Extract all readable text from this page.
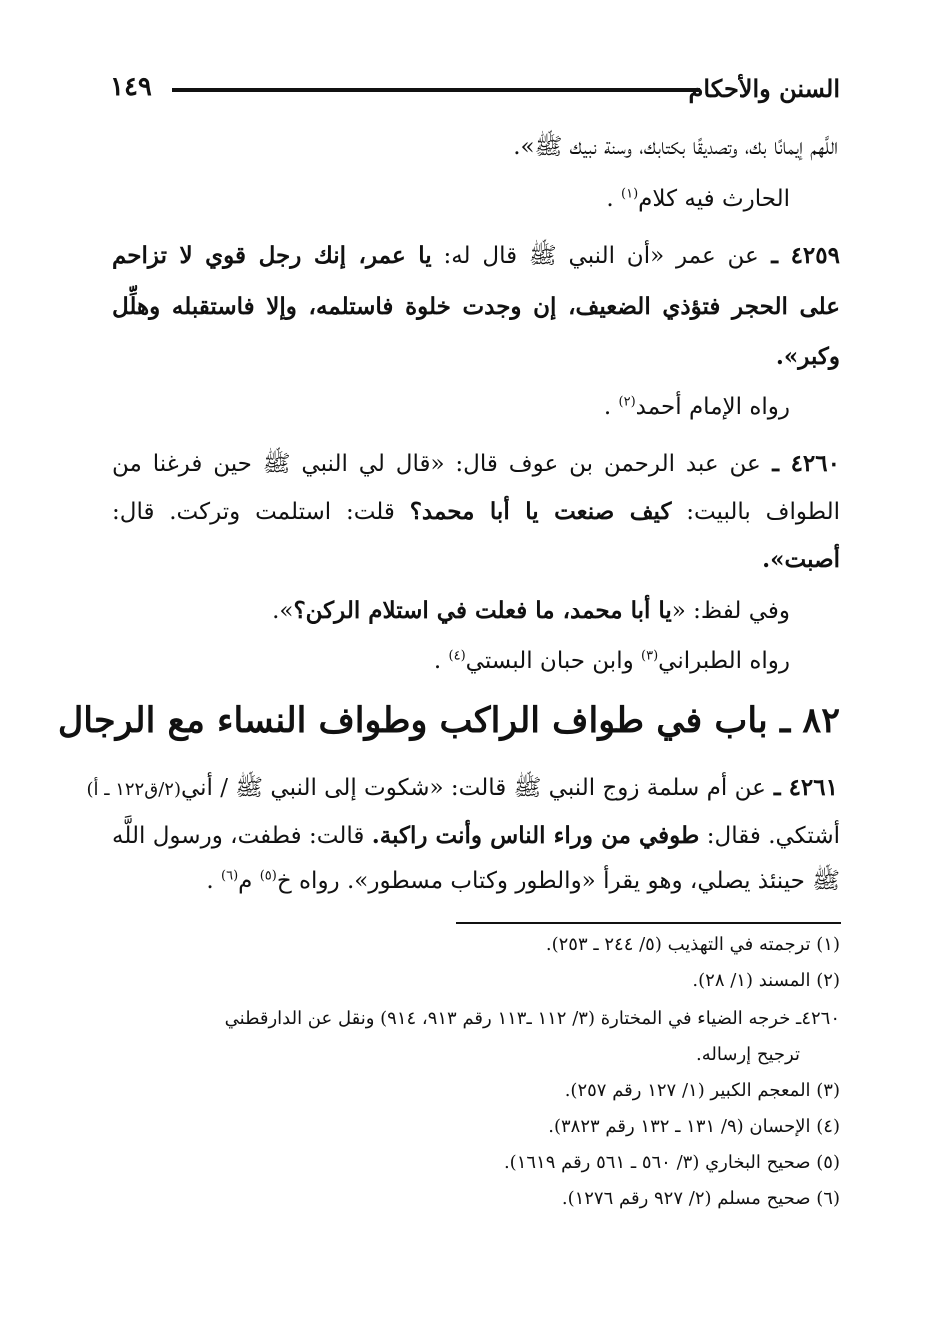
١٤٩	السنن والأحكام
اللَّهم إيمانًا بك، وتصديقًا بكتابك، وسنة نبيك ﷺ».
الحارث فيه كلام$^{(١)}$ .
٤٢٥٩ ـ عن عمر «أن النبي ﷺ قال له: يا عمر، إنك رجل قوي لا تزاحم
على الحجر فتؤذي الضعيف، إن وجدت خلوة فاستلمه، وإلا فاستقبله وهلِّل
وكبر».
رواه الإمام أحمد$^{(٢)}$ .
٤٢٦٠ ـ عن عبد الرحمن بن عوف قال: «قال لي النبي ﷺ حين فرغنا من
الطواف بالبيت: كيف صنعت يا أبا محمد؟ قلت: استلمت وتركت. قال:
أصبت».
وفي لفظ: «يا أبا محمد، ما فعلت في استلام الركن؟».
رواه الطبراني$^{(٣)}$ وابن حبان البستي$^{(٤)}$ .
٨٢ ـ باب في طواف الراكب وطواف النساء مع الرجال
٤٢٦١ ـ عن أم سلمة زوج النبي ﷺ قالت: «شكوت إلى النبي ﷺ / أني(٢/ق١٢٢ ـ أ)
أشتكي. فقال: طوفي من وراء الناس وأنت راكبة. قالت: فطفت، ورسول اللَّه
ﷺ حينئذ يصلي، وهو يقرأ «والطور وكتاب مسطور». رواه خ$^{(٥)}$ م$^{(٦)}$ .
(١) ترجمته في التهذيب (٥/ ٢٤٤ ـ ٢٥٣).
(٢) المسند (١/ ٢٨).
٤٢٦٠ـ خرجه الضياء في المختارة (٣/ ١١٢ ـ١١٣ رقم ٩١٣، ٩١٤) ونقل عن الدارقطني
ترجيح إرساله.
(٣) المعجم الكبير (١/ ١٢٧ رقم ٢٥٧).
(٤) الإحسان (٩/ ١٣١ ـ ١٣٢ رقم ٣٨٢٣).
(٥) صحيح البخاري (٣/ ٥٦٠ ـ ٥٦١ رقم ١٦١٩).
(٦) صحيح مسلم (٢/ ٩٢٧ رقم ١٢٧٦).
